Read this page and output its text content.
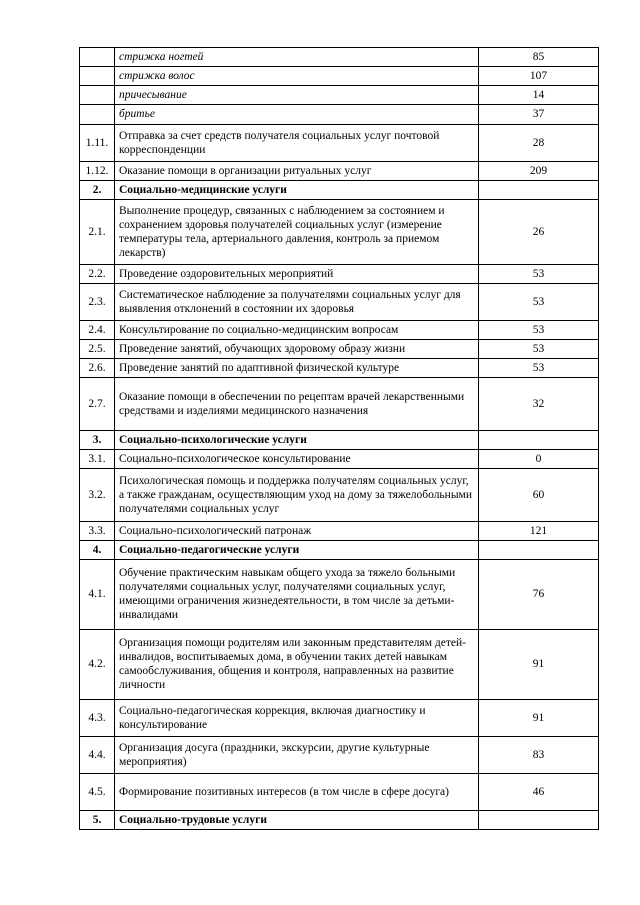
	стрижка ногтей	85
	стрижка волос	107
	причесывание	14
	бритье	37
1.11.	Отправка за счет средств получателя социальных услуг почтовой корреспонденции	28
1.12.	Оказание помощи в организации ритуальных услуг	209
2.	Социально-медицинские услуги	
2.1.	Выполнение процедур, связанных с наблюдением за состоянием и сохранением здоровья получателей социальных услуг (измерение температуры тела, артериального давления, контроль за приемом лекарств)	26
2.2.	Проведение оздоровительных мероприятий	53
2.3.	Систематическое наблюдение за получателями социальных услуг для выявления отклонений в состоянии их здоровья	53
2.4.	Консультирование по социально-медицинским вопросам	53
2.5.	Проведение занятий, обучающих здоровому образу жизни	53
2.6.	Проведение занятий по адаптивной физической культуре	53
2.7.	Оказание помощи в обеспечении по рецептам врачей лекарственными средствами и изделиями медицинского назначения	32
3.	Социально-психологические услуги	
3.1.	Социально-психологическое консультирование	0
3.2.	Психологическая помощь и поддержка получателям социальных услуг, а также гражданам, осуществляющим уход на дому за тяжелобольными получателями социальных услуг	60
3.3.	Социально-психологический патронаж	121
4.	Социально-педагогические услуги	
4.1.	Обучение практическим навыкам общего ухода за тяжело больными получателями социальных услуг, получателями социальных услуг, имеющими ограничения жизнедеятельности, в том числе за детьми-инвалидами	76
4.2.	Организация помощи родителям или законным представителям детей-инвалидов, воспитываемых дома, в обучении таких детей навыкам самообслуживания, общения и контроля, направленных на развитие личности	91
4.3.	Социально-педагогическая коррекция, включая диагностику и консультирование	91
4.4.	Организация досуга (праздники, экскурсии, другие культурные мероприятия)	83
4.5.	Формирование позитивных интересов (в том числе в сфере досуга)	46
5.	Социально-трудовые услуги	
